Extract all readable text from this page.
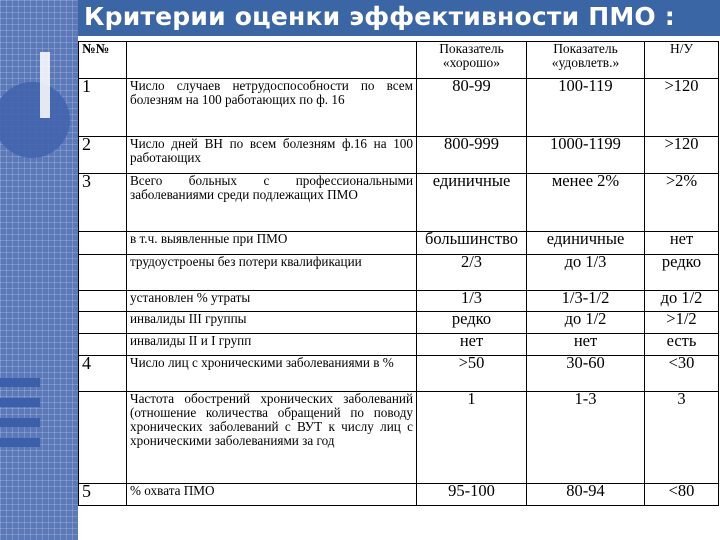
Критерии оценки эффективности ПМО :
№№		Показатель «хорошо»	Показатель «удовлетв.»	Н/У
1	Число случаев нетрудоспособности по всем болезням на 100 работающих по ф. 16	80-99	100-119	>120
2	Число дней ВН по всем болезням ф.16 на 100 работающих	800-999	1000-1199	>120
3	Всего больных с профессиональными заболеваниями среди подлежащих ПМО	единичные	менее 2%	>2%
	в т.ч. выявленные при ПМО	большинство	единичные	нет
	трудоустроены без потери квалификации	2/3	до 1/3	редко
	установлен % утраты	1/3	1/3-1/2	до 1/2
	инвалиды III группы	редко	до 1/2	>1/2
	инвалиды II и I групп	нет	нет	есть
4	Число лиц с хроническими заболеваниями в %	>50	30-60	<30
	Частота обострений хронических заболеваний (отношение количества обращений по поводу хронических заболеваний с ВУТ к числу лиц с хроническими заболеваниями за год	1	1-3	3
5	% охвата ПМО	95-100	80-94	<80
